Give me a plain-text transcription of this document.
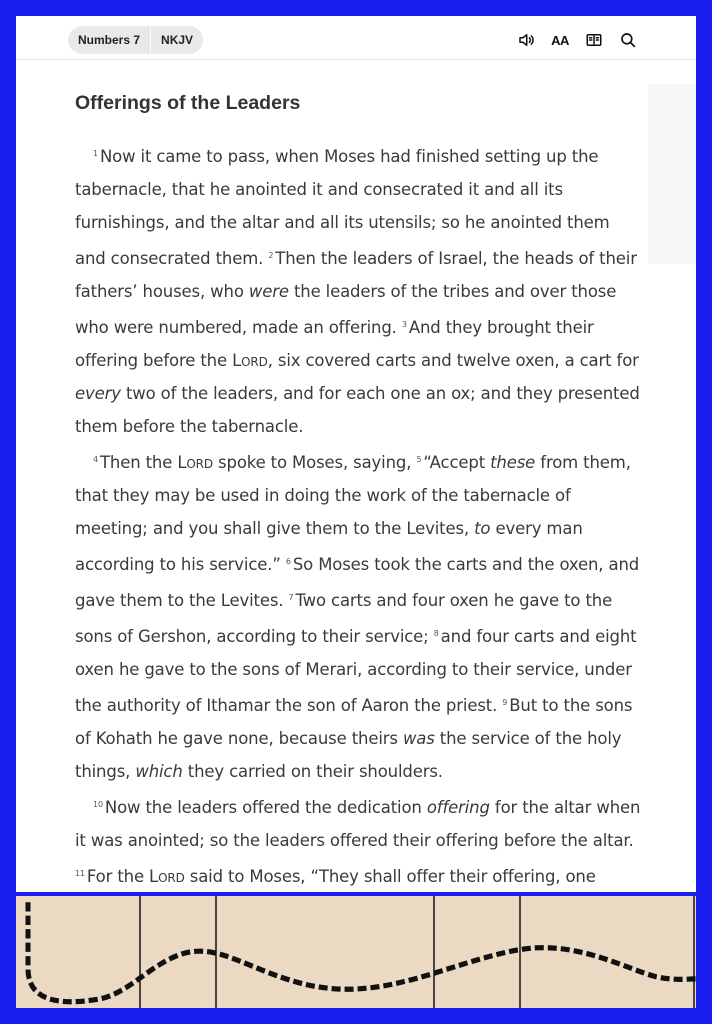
Numbers 7	NKJV	AA
Offerings of the Leaders

$^1$ Now it came to pass, when Moses had finished setting up the tabernacle, that he anointed it and consecrated it and all its furnishings, and the altar and all its utensils; so he anointed them and consecrated them. $^2$ Then the leaders of Israel, the heads of their fathers’ houses, who were the leaders of the tribes and over those who were numbered, made an offering. $^3$ And they brought their offering before the Lord, six covered carts and twelve oxen, a cart for every two of the leaders, and for each one an ox; and they presented them before the tabernacle.

$^4$ Then the Lord spoke to Moses, saying, $^5$ “Accept these from them, that they may be used in doing the work of the tabernacle of meeting; and you shall give them to the Levites, to every man according to his service.” $^6$ So Moses took the carts and the oxen, and gave them to the Levites. $^7$ Two carts and four oxen he gave to the sons of Gershon, according to their service; $^8$ and four carts and eight oxen he gave to the sons of Merari, according to their service, under the authority of Ithamar the son of Aaron the priest. $^9$ But to the sons of Kohath he gave none, because theirs was the service of the holy things, which they carried on their shoulders.

$^{10}$ Now the leaders offered the dedication offering for the altar when it was anointed; so the leaders offered their offering before the altar. $^{11}$ For the Lord said to Moses, “They shall offer their offering, one
